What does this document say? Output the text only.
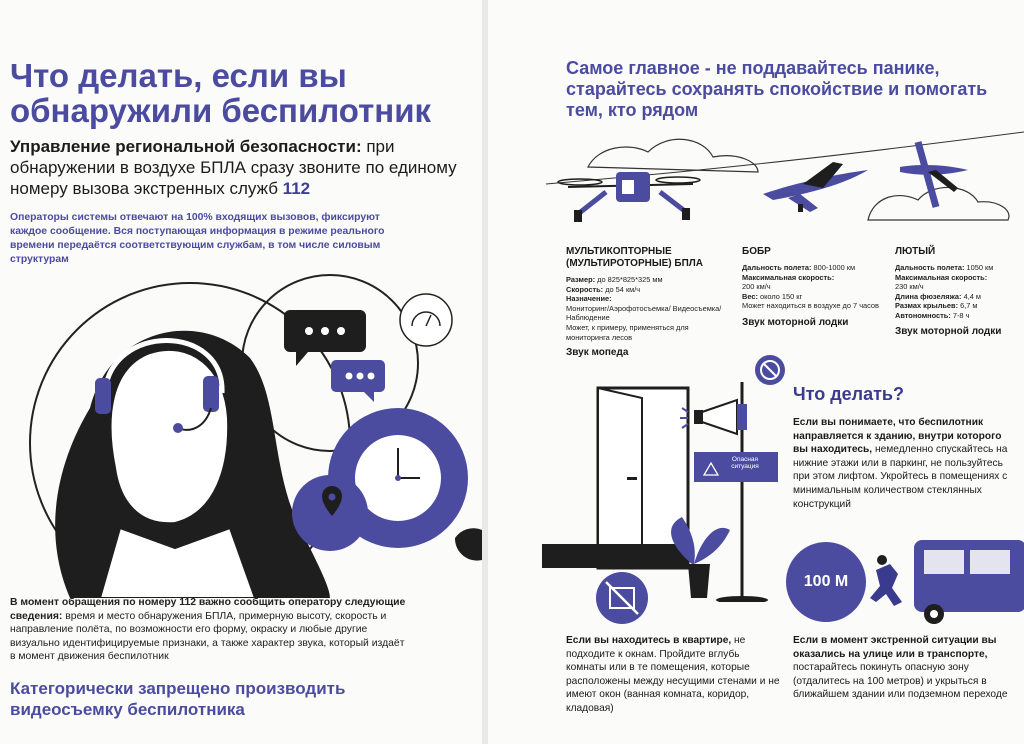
Что делать, если вы обнаружили беспилотник

Управление региональной безопасности: при обнаружении в воздухе БПЛА сразу звоните по единому номеру вызова экстренных служб 112

Операторы системы отвечают на 100% входящих вызовов, фиксируют каждое сообщение. Вся поступающая информация в режиме реального времени передаётся соответствующим службам, в том числе силовым структурам

В момент обращения по номеру 112 важно сообщить оператору следующие сведения: время и место обнаружения БПЛА, примерную высоту, скорость и направление полёта, по возможности его форму, окраску и любые другие визуально идентифицируемые признаки, а также характер звука, который издаёт в момент движения беспилотник

Категорически запрещено производить видеосъемку беспилотника

Самое главное - не поддавайтесь панике, старайтесь сохранять спокойствие и помогать тем, кто рядом

МУЛЬТИКОПТОРНЫЕ (МУЛЬТИРОТОРНЫЕ) БПЛА
Размер: до 825*825*325 мм
Скорость: до 54 км/ч
Назначение:
Мониторинг/Аэрофотосъемка/ Видеосъемка/ Наблюдение
Может, к примеру, применяться для мониторинга лесов
Звук мопеда
БОБР
Дальность полета: 800-1000 км
Максимальная скорость:
200 км/ч
Вес: около 150 кг
Может находиться в воздухе до 7 часов
Звук моторной лодки
ЛЮТЫЙ
Дальность полета: 1050 км
Максимальная скорость:
230 км/ч
Длина фюзеляжа: 4,4 м
Размах крыльев: 6,7 м
Автономность: 7-8 ч
Звук моторной лодки
Опасная ситуация
Что делать?

Если вы понимаете, что беспилотник направляется к зданию, внутри которого вы находитесь, немедленно спускайтесь на нижние этажи или в паркинг, не пользуйтесь при этом лифтом. Укройтесь в помещениях с минимальным количеством стеклянных конструкций

100 М

Если вы находитесь в квартире, не подходите к окнам. Пройдите вглубь комнаты или в те помещения, которые расположены между несущими стенами и не имеют окон (ванная комната, коридор, кладовая)

Если в момент экстренной ситуации вы оказались на улице или в транспорте, постарайтесь покинуть опасную зону (отдалитесь на 100 метров) и укрыться в ближайшем здании или подземном переходе
